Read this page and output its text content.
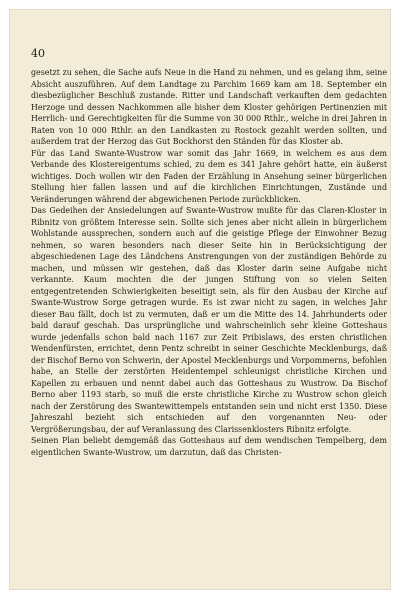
40

gesetzt zu sehen, die Sache aufs Neue in die Hand zu nehmen, und es gelang ihm, seine Absicht auszuführen. Auf dem Landtage zu Parchim 1669 kam am 18. September ein diesbezüglicher Beschluß zustande. Ritter und Landschaft verkauften dem gedachten Herzoge und dessen Nachkommen alle bisher dem Kloster gehörigen Pertinenzien mit Herrlich- und Gerechtigkeiten für die Summe von 30 000 Rthlr., welche in drei Jahren in Raten von 10 000 Rthlr. an den Landkasten zu Rostock gezahlt werden sollten, und außerdem trat der Herzog das Gut Bockhorst den Ständen für das Kloster ab.

Für das Land Swante-Wustrow war somit das Jahr 1669, in welchem es aus dem Verbande des Klostereigentums schied, zu dem es 341 Jahre gehört hatte, ein äußerst wichtiges. Doch wollen wir den Faden der Erzählung in Ansehung seiner bürgerlichen Stellung hier fallen lassen und auf die kirchlichen Einrichtungen, Zustände und Veränderungen während der abgewichenen Periode zurückblicken.

Das Gedeihen der Ansiedelungen auf Swante-Wustrow mußte für das Claren-Kloster in Ribnitz von größtem Interesse sein. Sollte sich jenes aber nicht allein in bürgerlichem Wohlstande aussprechen, sondern auch auf die geistige Pflege der Einwohner Bezug nehmen, so waren besonders nach dieser Seite hin in Berücksichtigung der abgeschiedenen Lage des Ländchens Anstrengungen von der zuständigen Behörde zu machen, und müssen wir gestehen, daß das Kloster darin seine Aufgabe nicht verkannte. Kaum mochten die der jungen Stiftung von so vielen Seiten entgegentretenden Schwierigkeiten beseitigt sein, als für den Ausbau der Kirche auf Swante-Wustrow Sorge getragen wurde. Es ist zwar nicht zu sagen, in welches Jahr dieser Bau fällt, doch ist zu vermuten, daß er um die Mitte des 14. Jahrhunderts oder bald darauf geschah. Das ursprüngliche und wahrscheinlich sehr kleine Gotteshaus wurde jedenfalls schon bald nach 1167 zur Zeit Pribislaws, des ersten christlichen Wendenfürsten, errichtet, denn Pentz schreibt in seiner Geschichte Mecklenburgs, daß der Bischof Berno von Schwerin, der Apostel Mecklenburgs und Vorpommerns, befohlen habe, an Stelle der zerstörten Heidentempel schleunigst christliche Kirchen und Kapellen zu erbauen und nennt dabei auch das Gotteshaus zu Wustrow. Da Bischof Berno aber 1193 starb, so muß die erste christliche Kirche zu Wustrow schon gleich nach der Zerstörung des Swantewittempels entstanden sein und nicht erst 1350. Diese Jahreszahl bezieht sich entschieden auf den vorgenannten Neu- oder Vergrößerungsbau, der auf Veranlassung des Clarissenklosters Ribnitz erfolgte.

Seinen Plan beliebt demgemäß das Gotteshaus auf dem wendischen Tempelberg, dem eigentlichen Swante-Wustrow, um darzutun, daß das Christen-
